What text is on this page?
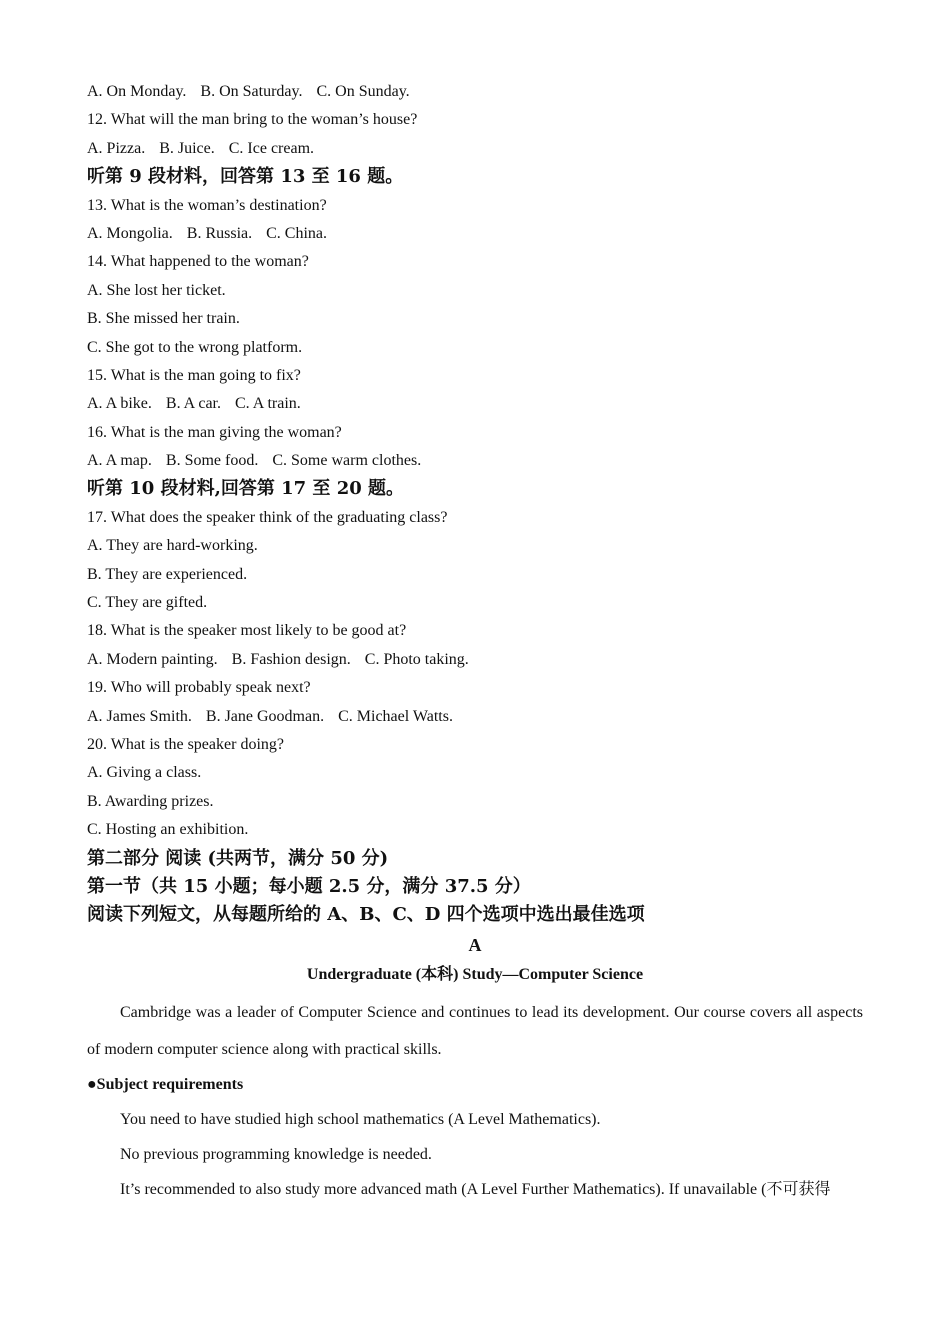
A. On Monday. B. On Saturday. C. On Sunday.
12. What will the man bring to the woman’s house?
A. Pizza. B. Juice. C. Ice cream.
听第 9 段材料，回答第 13 至 16 题。
13. What is the woman’s destination?
A. Mongolia. B. Russia. C. China.
14. What happened to the woman?
A. She lost her ticket.
B. She missed her train.
C. She got to the wrong platform.
15. What is the man going to fix?
A. A bike. B. A car. C. A train.
16. What is the man giving the woman?
A. A map. B. Some food. C. Some warm clothes.
听第 10 段材料,回答第 17 至 20 题。
17. What does the speaker think of the graduating class?
A. They are hard-working.
B. They are experienced.
C. They are gifted.
18. What is the speaker most likely to be good at?
A. Modern painting. B. Fashion design. C. Photo taking.
19. Who will probably speak next?
A. James Smith. B. Jane Goodman. C. Michael Watts.
20. What is the speaker doing?
A. Giving a class.
B. Awarding prizes.
C. Hosting an exhibition.
第二部分 阅读 (共两节，满分 50 分)
第一节（共 15 小题；每小题 2.5 分，满分 37.5 分）
阅读下列短文，从每题所给的 A、B、C、D 四个选项中选出最佳选项
A
Undergraduate (本科) Study—Computer Science

Cambridge was a leader of Computer Science and continues to lead its development. Our course covers all aspects of modern computer science along with practical skills.

●Subject requirements
You need to have studied high school mathematics (A Level Mathematics).
No previous programming knowledge is needed.
It’s recommended to also study more advanced math (A Level Further Mathematics). If unavailable (不可获得
